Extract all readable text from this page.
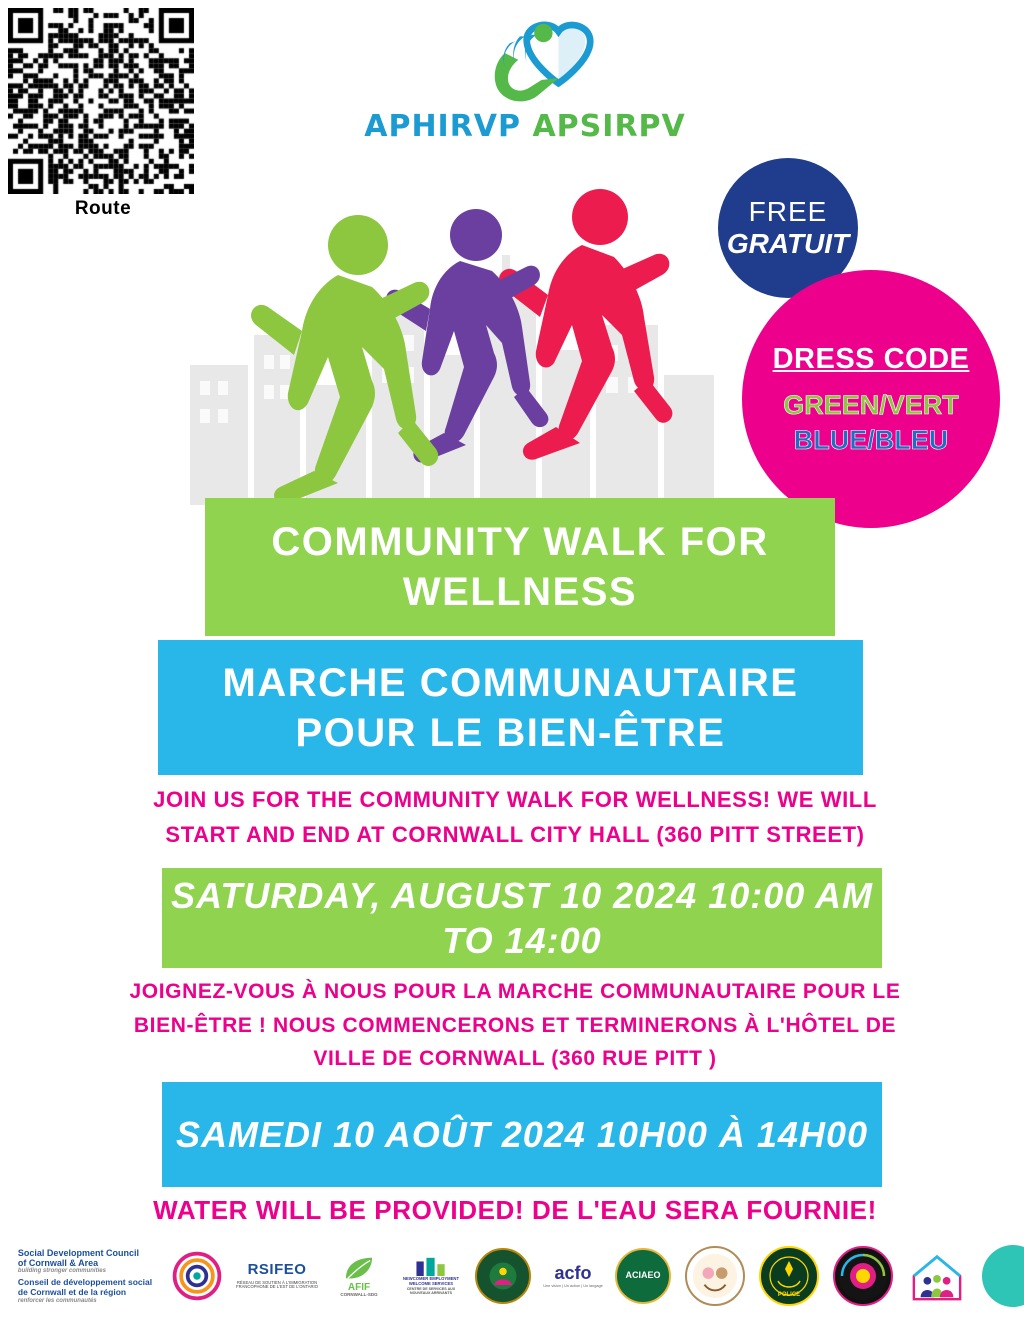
Route
APHIRVP APSIRPV
FREE
GRATUIT
DRESS CODE
GREEN/VERT
BLUE/BLEU
COMMUNITY WALK FOR WELLNESS
MARCHE COMMUNAUTAIRE POUR LE BIEN-ÊTRE
JOIN US FOR THE COMMUNITY WALK FOR WELLNESS! WE WILL START AND END AT CORNWALL CITY HALL (360 PITT STREET)
SATURDAY, AUGUST 10 2024 10:00 AM TO 14:00
JOIGNEZ-VOUS À NOUS POUR LA MARCHE COMMUNAUTAIRE POUR LE BIEN-ÊTRE ! NOUS COMMENCERONS ET TERMINERONS À L'HÔTEL DE VILLE DE CORNWALL (360 RUE PITT )
SAMEDI 10 AOÛT 2024 10H00 À 14H00
WATER WILL BE PROVIDED! DE L'EAU SERA FOURNIE!
Social Development Council
of Cornwall & Area
building stronger communities
Conseil de développement social
de Cornwall et de la région
renforcer les communautés
RSIFEO
RÉSEAU DE SOUTIEN À L'IMMIGRATION FRANCOPHONE DE L'EST DE L'ONTARIO	AFIF
CORNWALL-SDG
NEWCOMER EMPLOYMENT WELCOME SERVICES
CENTRE DE SERVICES AUX NOUVEAUX ARRIVANTS
acfo
Une vision | Un action | Un langage
ACIAEO
POLICE
